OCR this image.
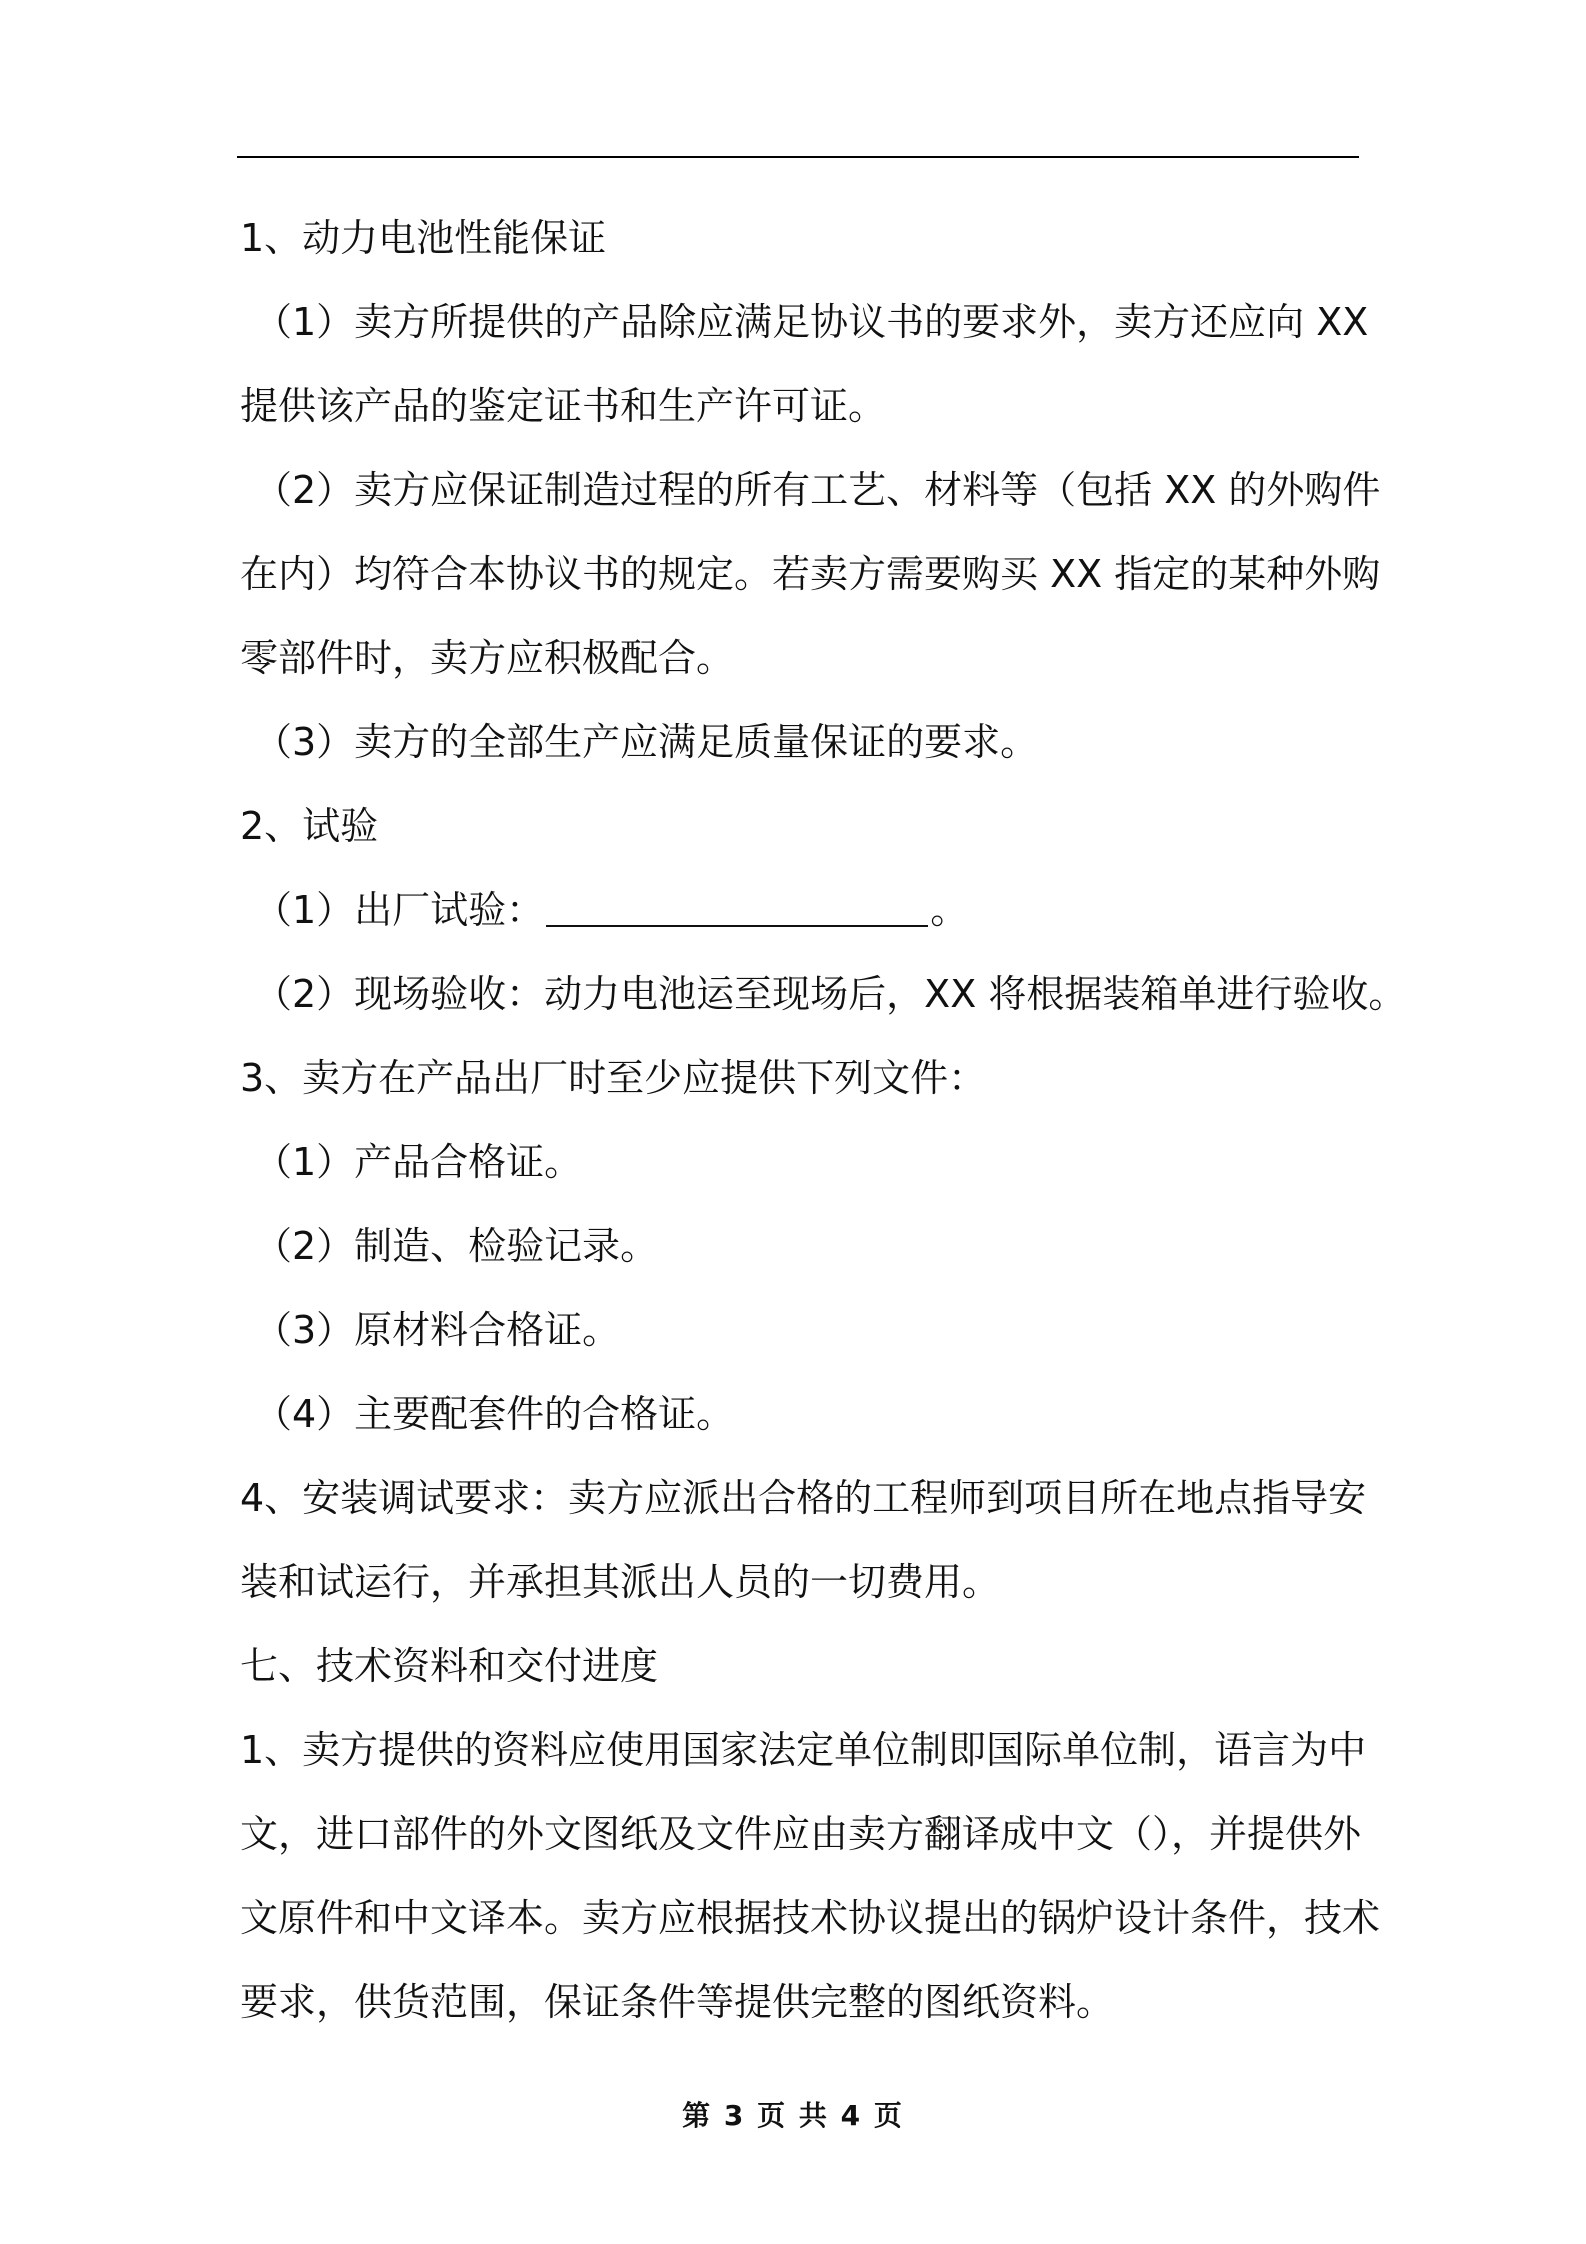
1、动力电池性能保证
（1）卖方所提供的产品除应满足协议书的要求外，卖方还应向 XX
提供该产品的鉴定证书和生产许可证。
（2）卖方应保证制造过程的所有工艺、材料等（包括 XX 的外购件
在内）均符合本协议书的规定。若卖方需要购买 XX 指定的某种外购
零部件时，卖方应积极配合。
（3）卖方的全部生产应满足质量保证的要求。
2、试验
（1）出厂试验：	。
（2）现场验收：动力电池运至现场后，XX 将根据装箱单进行验收。
3、卖方在产品出厂时至少应提供下列文件：
（1）产品合格证。
（2）制造、检验记录。
（3）原材料合格证。
（4）主要配套件的合格证。
4、安装调试要求：卖方应派出合格的工程师到项目所在地点指导安
装和试运行，并承担其派出人员的一切费用。
七、技术资料和交付进度
1、卖方提供的资料应使用国家法定单位制即国际单位制，语言为中
文，进口部件的外文图纸及文件应由卖方翻译成中文（），并提供外
文原件和中文译本。卖方应根据技术协议提出的锅炉设计条件，技术
要求，供货范围，保证条件等提供完整的图纸资料。
第 3 页 共 4 页
